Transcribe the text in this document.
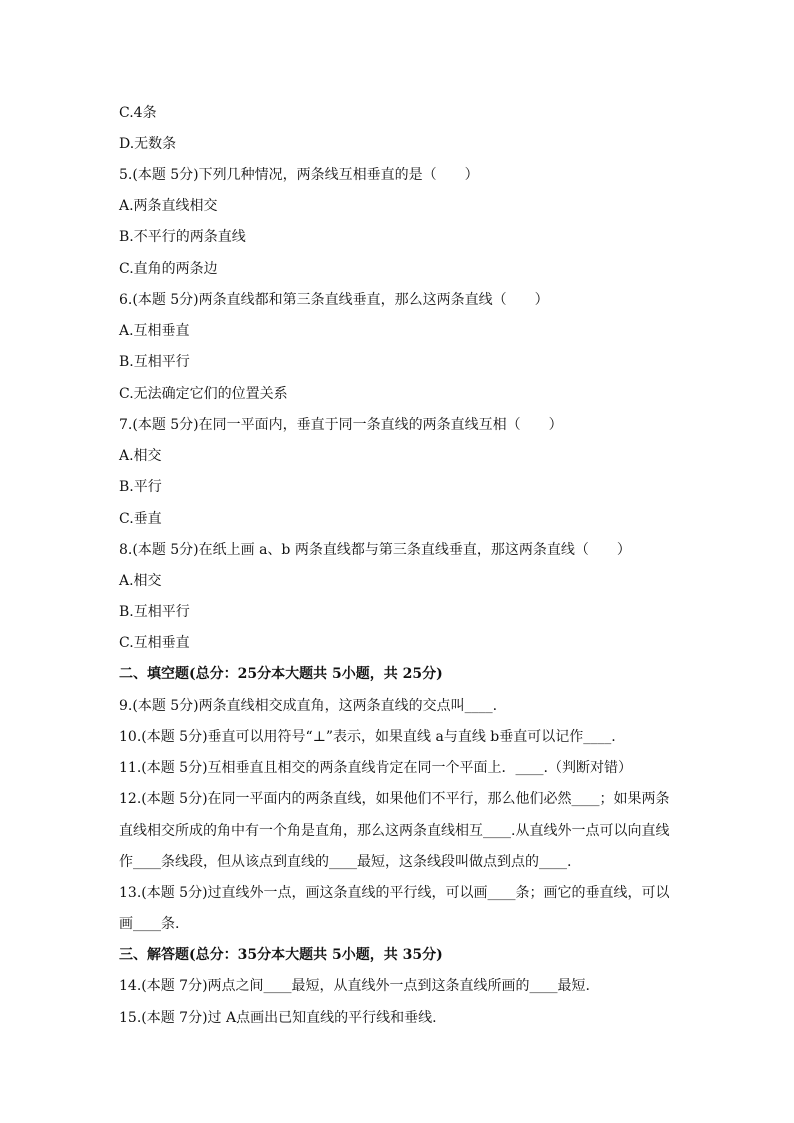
C.4条
D.无数条
5.(本题 5分)下列几种情况，两条线互相垂直的是（　　）
A.两条直线相交
B.不平行的两条直线
C.直角的两条边
6.(本题 5分)两条直线都和第三条直线垂直，那么这两条直线（　　）
A.互相垂直
B.互相平行
C.无法确定它们的位置关系
7.(本题 5分)在同一平面内，垂直于同一条直线的两条直线互相（　　）
A.相交
B.平行
C.垂直
8.(本题 5分)在纸上画 a、b 两条直线都与第三条直线垂直，那这两条直线（　　）
A.相交
B.互相平行
C.互相垂直
二、填空题(总分：25分本大题共 5小题，共 25分)
9.(本题 5分)两条直线相交成直角，这两条直线的交点叫____.
10.(本题 5分)垂直可以用符号“⊥”表示，如果直线 a与直线 b垂直可以记作____.
11.(本题 5分)互相垂直且相交的两条直线肯定在同一个平面上．____.（判断对错）
12.(本题 5分)在同一平面内的两条直线，如果他们不平行，那么他们必然____；如果两条
直线相交所成的角中有一个角是直角，那么这两条直线相互____.从直线外一点可以向直线
作____条线段，但从该点到直线的____最短，这条线段叫做点到点的____.
13.(本题 5分)过直线外一点，画这条直线的平行线，可以画____条；画它的垂直线，可以
画____条.
三、解答题(总分：35分本大题共 5小题，共 35分)
14.(本题 7分)两点之间____最短，从直线外一点到这条直线所画的____最短.
15.(本题 7分)过 A点画出已知直线的平行线和垂线.
